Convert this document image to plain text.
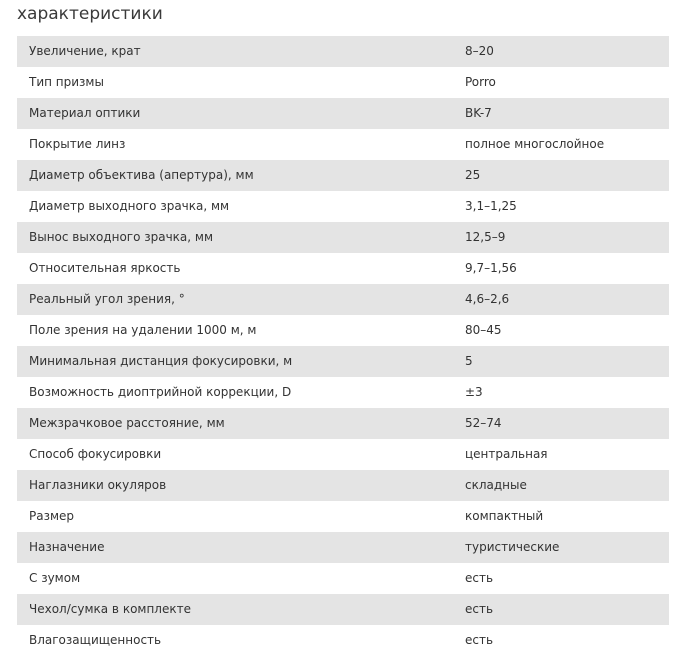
характеристики
Увеличение, крат	8–20
Тип призмы	Porro
Материал оптики	BK-7
Покрытие линз	полное многослойное
Диаметр объектива (апертура), мм	25
Диаметр выходного зрачка, мм	3,1–1,25
Вынос выходного зрачка, мм	12,5–9
Относительная яркость	9,7–1,56
Реальный угол зрения, °	4,6–2,6
Поле зрения на удалении 1000 м, м	80–45
Минимальная дистанция фокусировки, м	5
Возможность диоптрийной коррекции, D	±3
Межзрачковое расстояние, мм	52–74
Способ фокусировки	центральная
Наглазники окуляров	складные
Размер	компактный
Назначение	туристические
С зумом	есть
Чехол/сумка в комплекте	есть
Влагозащищенность	есть
